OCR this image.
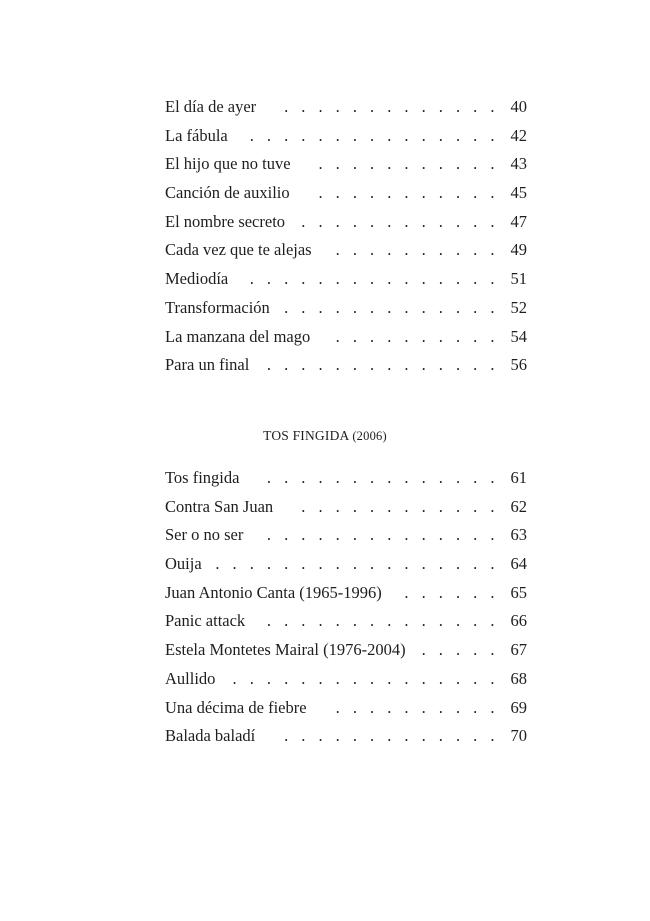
El día de ayer	. . . . . . . . . . . . . 40
La fábula	. . . . . . . . . . . . . . . 42
El hijo que no tuve	. . . . . . . . . . . 43
Canción de auxilio	. . . . . . . . . . . 45
El nombre secreto . . . . . . . . . . . . 47
Cada vez que te alejas	. . . . . . . . . . 49
Mediodía	. . . . . . . . . . . . . . . 51
Transformación . . . . . . . . . . . . . 52
La manzana del mago	. . . . . . . . . . 54
Para un final	. . . . . . . . . . . . . . 56
TOS FINGIDA (2006)
Tos fingida	. . . . . . . . . . . . . . 61
Contra San Juan	. . . . . . . . . . . . 62
Ser o no ser	. . . . . . . . . . . . . . 63
Ouija . . . . . . . . . . . . . . . . . 64
Juan Antonio Canta (1965-1996)	. . . . . . 65
Panic attack	. . . . . . . . . . . . . . 66
Estela Montetes Mairal (1976-2004) . . . . . 67
Aullido	. . . . . . . . . . . . . . . . 68
Una décima de fiebre	. . . . . . . . . . 69
Balada baladí	. . . . . . . . . . . . . 70
